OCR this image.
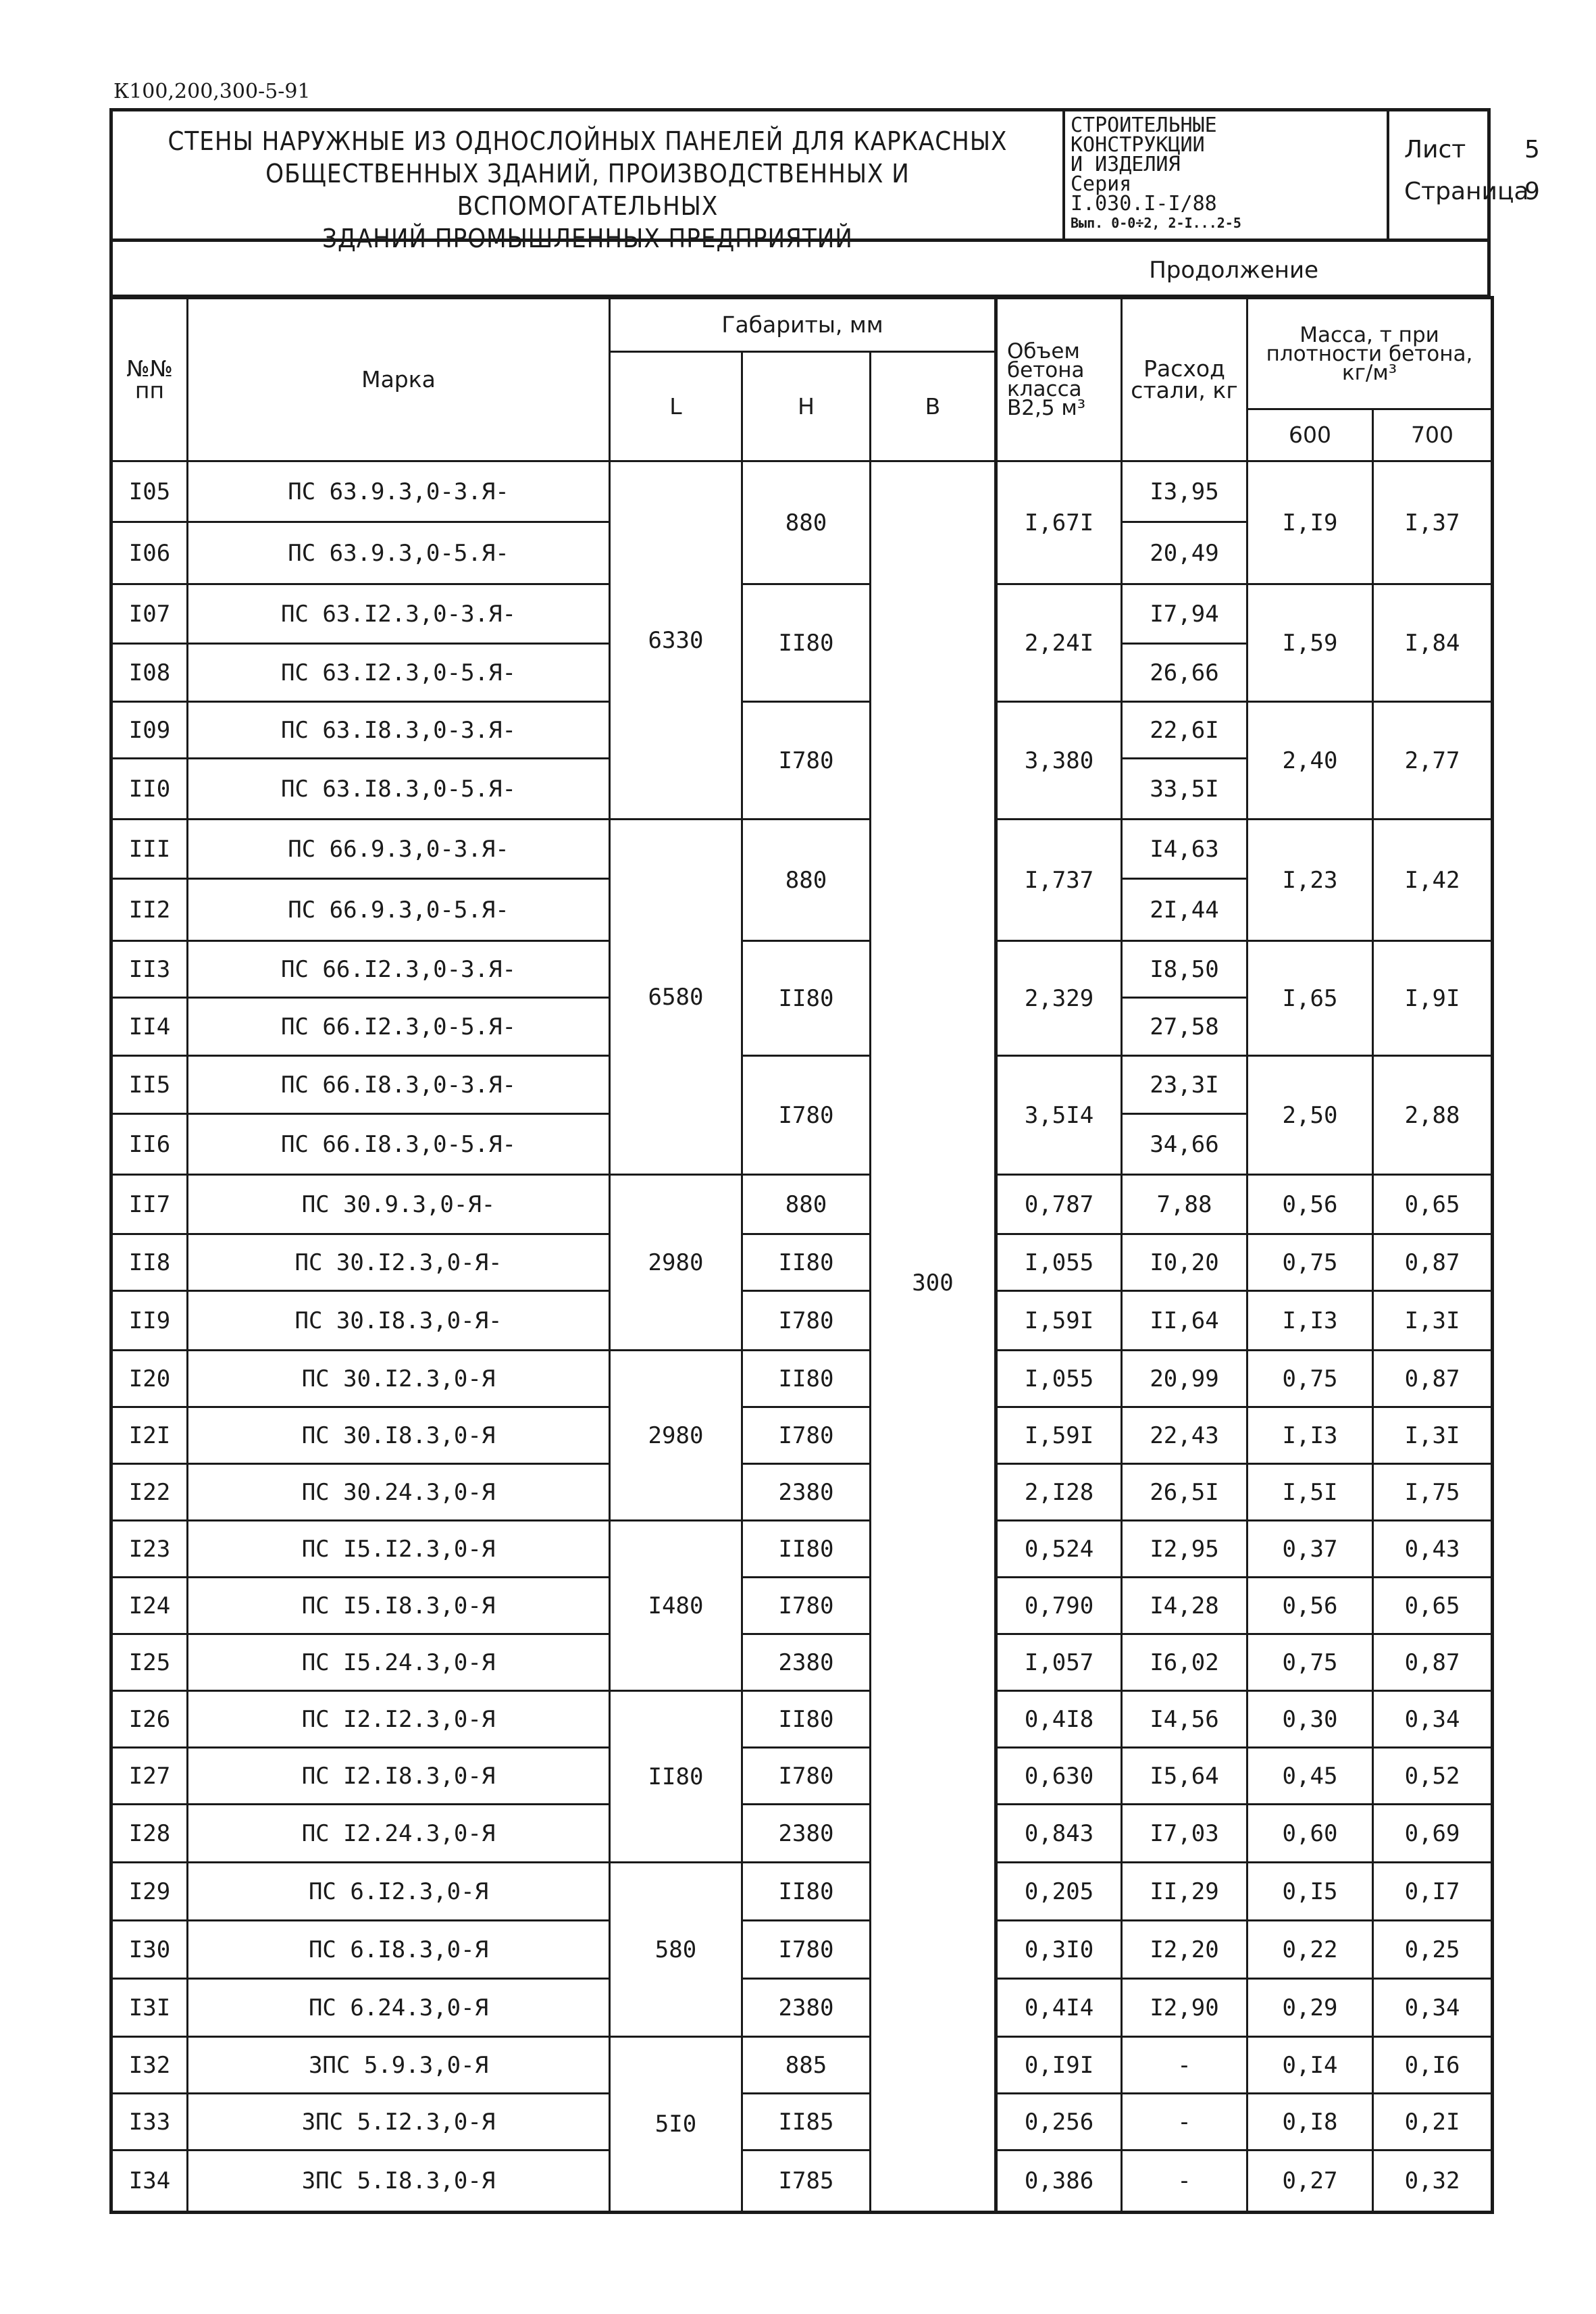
К100,200,300-5-91
СТЕНЫ НАРУЖНЫЕ ИЗ ОДНОСЛОЙНЫХ ПАНЕЛЕЙ ДЛЯ КАРКАСНЫХ
ОБЩЕСТВЕННЫХ ЗДАНИЙ, ПРОИЗВОДСТВЕННЫХ И ВСПОМОГАТЕЛЬНЫХ
ЗДАНИЙ ПРОМЫШЛЕННЫХ ПРЕДПРИЯТИЙ
СТРОИТЕЛЬНЫЕ
КОНСТРУКЦИИ
И ИЗДЕЛИЯ
Серия
I.030.I-I/88
Вып. 0-0÷2, 2-I...2-5
Лист 5
Страница
9
Продолжение
№№ пп	Марка	Габариты, мм			Объем бетона класса В2,5 м³	Расход стали, кг	Масса, т при плотности бетона, кг/м³	
		L	H	B				
							600	700
I05	ПС 63.9.3,0-3.Я-	6330	880	300	I,67I	I3,95	I,I9	I,37
I06	ПС 63.9.3,0-5.Я-					20,49		
I07	ПС 63.I2.3,0-3.Я-		II80		2,24I	I7,94	I,59	I,84
I08	ПС 63.I2.3,0-5.Я-					26,66		
I09	ПС 63.I8.3,0-3.Я-		I780		3,380	22,6I	2,40	2,77
II0	ПС 63.I8.3,0-5.Я-					33,5I		
III	ПС 66.9.3,0-3.Я-	6580	880		I,737	I4,63	I,23	I,42
II2	ПС 66.9.3,0-5.Я-					2I,44		
II3	ПС 66.I2.3,0-3.Я-		II80		2,329	I8,50	I,65	I,9I
II4	ПС 66.I2.3,0-5.Я-					27,58		
II5	ПС 66.I8.3,0-3.Я-		I780		3,5I4	23,3I	2,50	2,88
II6	ПС 66.I8.3,0-5.Я-					34,66		
II7	ПС 30.9.3,0-Я-	2980	880		0,787	7,88	0,56	0,65
II8	ПС 30.I2.3,0-Я-		II80		I,055	I0,20	0,75	0,87
II9	ПС 30.I8.3,0-Я-		I780		I,59I	II,64	I,I3	I,3I
I20	ПС 30.I2.3,0-Я	2980	II80		I,055	20,99	0,75	0,87
I2I	ПС 30.I8.3,0-Я		I780		I,59I	22,43	I,I3	I,3I
I22	ПС 30.24.3,0-Я		2380		2,I28	26,5I	I,5I	I,75
I23	ПС I5.I2.3,0-Я	I480	II80		0,524	I2,95	0,37	0,43
I24	ПС I5.I8.3,0-Я		I780		0,790	I4,28	0,56	0,65
I25	ПС I5.24.3,0-Я		2380		I,057	I6,02	0,75	0,87
I26	ПС I2.I2.3,0-Я	II80	II80		0,4I8	I4,56	0,30	0,34
I27	ПС I2.I8.3,0-Я		I780		0,630	I5,64	0,45	0,52
I28	ПС I2.24.3,0-Я		2380		0,843	I7,03	0,60	0,69
I29	ПС 6.I2.3,0-Я	580	II80		0,205	II,29	0,I5	0,I7
I30	ПС 6.I8.3,0-Я		I780		0,3I0	I2,20	0,22	0,25
I3I	ПС 6.24.3,0-Я		2380		0,4I4	I2,90	0,29	0,34
I32	ЗПС 5.9.3,0-Я	5I0	885		0,I9I	-	0,I4	0,I6
I33	ЗПС 5.I2.3,0-Я		II85		0,256	-	0,I8	0,2I
I34	ЗПС 5.I8.3,0-Я		I785		0,386	-	0,27	0,32
